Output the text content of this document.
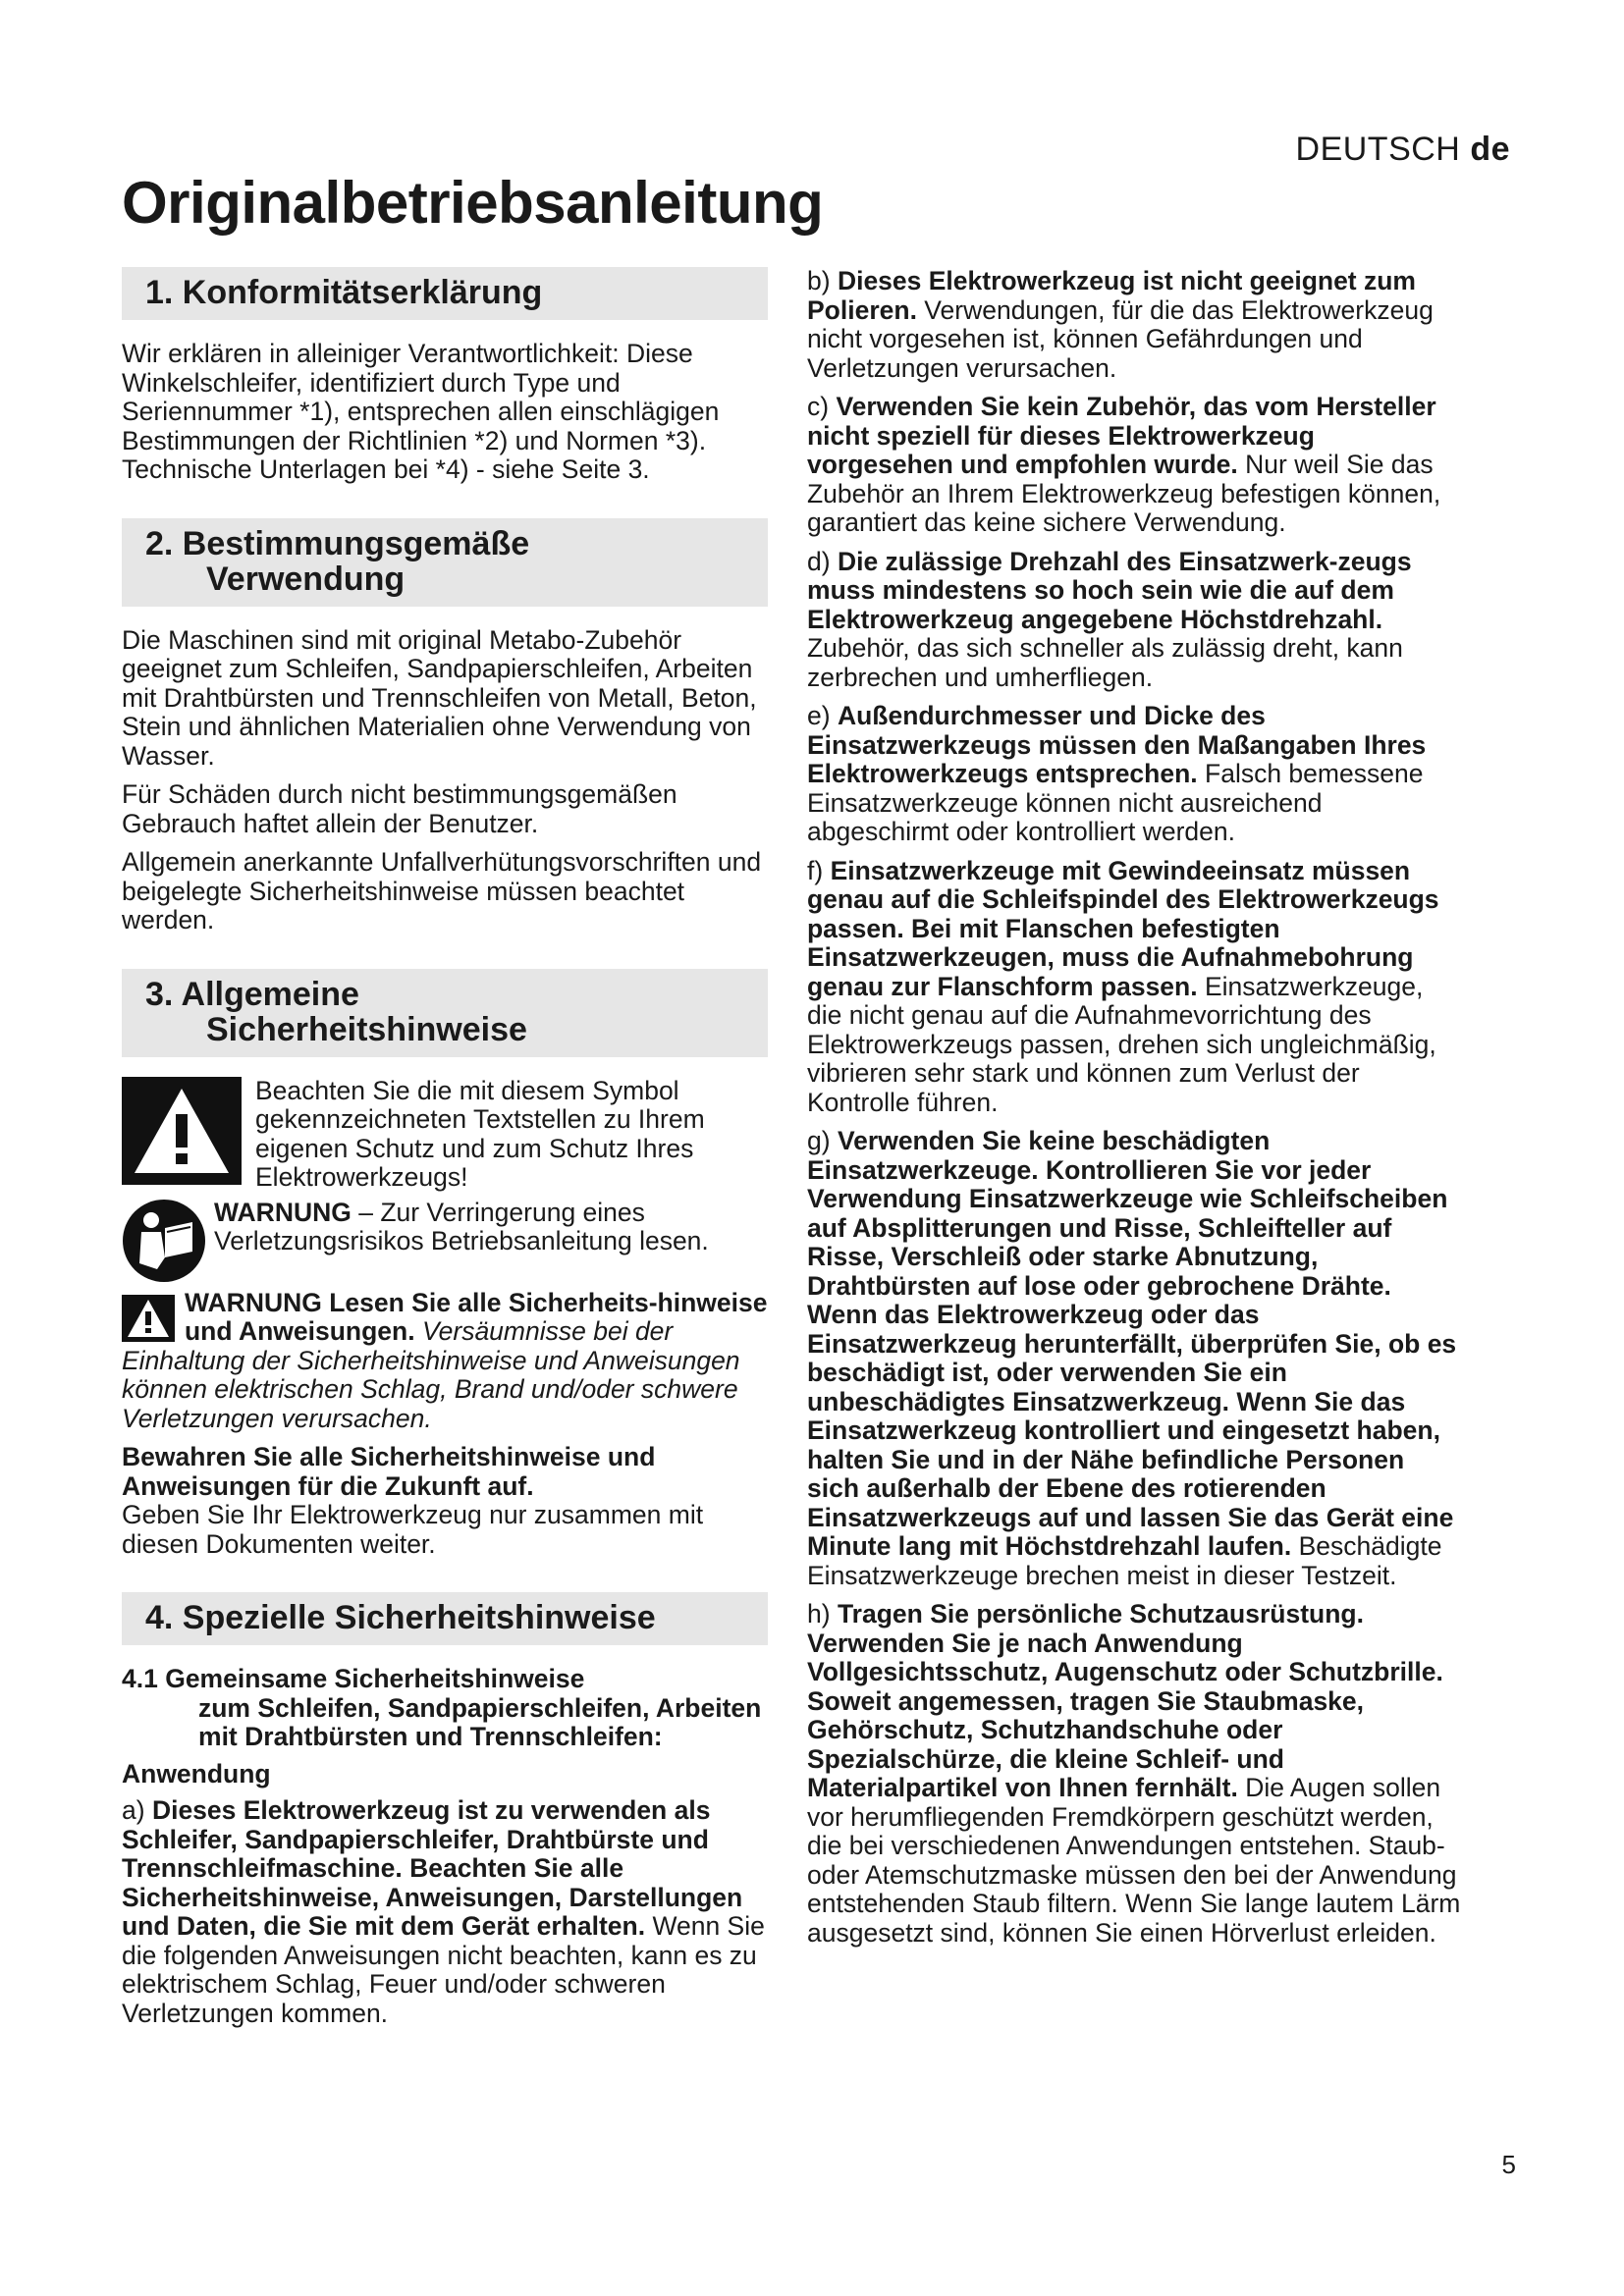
DEUTSCH de
Originalbetriebsanleitung
1. Konformitätserklärung

Wir erklären in alleiniger Verantwortlichkeit: Diese Winkelschleifer, identifiziert durch Type und Seriennummer *1), entsprechen allen einschlägigen Bestimmungen der Richtlinien *2) und Normen *3). Technische Unterlagen bei *4) - siehe Seite 3.

2. Bestimmungsgemäße
Verwendung

Die Maschinen sind mit original Metabo-Zubehör geeignet zum Schleifen, Sandpapierschleifen, Arbeiten mit Drahtbürsten und Trennschleifen von Metall, Beton, Stein und ähnlichen Materialien ohne Verwendung von Wasser.

Für Schäden durch nicht bestimmungsgemäßen Gebrauch haftet allein der Benutzer.

Allgemein anerkannte Unfallverhütungsvorschriften und beigelegte Sicherheitshinweise müssen beachtet werden.

3. Allgemeine
Sicherheitshinweise
Beachten Sie die mit diesem Symbol gekennzeichneten Textstellen zu Ihrem eigenen Schutz und zum Schutz Ihres Elektrowerkzeugs!
WARNUNG – Zur Verringerung eines Verletzungsrisikos Betriebsanleitung lesen.

WARNUNG Lesen Sie alle Sicherheits-hinweise und Anweisungen. Versäumnisse bei der Einhaltung der Sicherheitshinweise und Anweisungen können elektrischen Schlag, Brand und/oder schwere Verletzungen verursachen.

Bewahren Sie alle Sicherheitshinweise und Anweisungen für die Zukunft auf.
Geben Sie Ihr Elektrowerkzeug nur zusammen mit diesen Dokumenten weiter.

4. Spezielle Sicherheitshinweise
4.1 Gemeinsame Sicherheitshinweise
zum Schleifen, Sandpapierschleifen, Arbeiten mit Drahtbürsten und Trennschleifen:

Anwendung

a) Dieses Elektrowerkzeug ist zu verwenden als Schleifer, Sandpapierschleifer, Drahtbürste und Trennschleifmaschine. Beachten Sie alle Sicherheitshinweise, Anweisungen, Darstellungen und Daten, die Sie mit dem Gerät erhalten. Wenn Sie die folgenden Anweisungen nicht beachten, kann es zu elektrischem Schlag, Feuer und/oder schweren Verletzungen kommen.

b) Dieses Elektrowerkzeug ist nicht geeignet zum Polieren. Verwendungen, für die das Elektrowerkzeug nicht vorgesehen ist, können Gefährdungen und Verletzungen verursachen.

c) Verwenden Sie kein Zubehör, das vom Hersteller nicht speziell für dieses Elektrowerkzeug vorgesehen und empfohlen wurde. Nur weil Sie das Zubehör an Ihrem Elektrowerkzeug befestigen können, garantiert das keine sichere Verwendung.

d) Die zulässige Drehzahl des Einsatzwerk-zeugs muss mindestens so hoch sein wie die auf dem Elektrowerkzeug angegebene Höchstdrehzahl. Zubehör, das sich schneller als zulässig dreht, kann zerbrechen und umherfliegen.

e) Außendurchmesser und Dicke des Einsatzwerkzeugs müssen den Maßangaben Ihres Elektrowerkzeugs entsprechen. Falsch bemessene Einsatzwerkzeuge können nicht ausreichend abgeschirmt oder kontrolliert werden.

f) Einsatzwerkzeuge mit Gewindeeinsatz müssen genau auf die Schleifspindel des Elektrowerkzeugs passen. Bei mit Flanschen befestigten Einsatzwerkzeugen, muss die Aufnahmebohrung genau zur Flanschform passen. Einsatzwerkzeuge, die nicht genau auf die Aufnahmevorrichtung des Elektrowerkzeugs passen, drehen sich ungleichmäßig, vibrieren sehr stark und können zum Verlust der Kontrolle führen.

g) Verwenden Sie keine beschädigten Einsatzwerkzeuge. Kontrollieren Sie vor jeder Verwendung Einsatzwerkzeuge wie Schleifscheiben auf Absplitterungen und Risse, Schleifteller auf Risse, Verschleiß oder starke Abnutzung, Drahtbürsten auf lose oder gebrochene Drähte. Wenn das Elektrowerkzeug oder das Einsatzwerkzeug herunterfällt, überprüfen Sie, ob es beschädigt ist, oder verwenden Sie ein unbeschädigtes Einsatzwerkzeug. Wenn Sie das Einsatzwerkzeug kontrolliert und eingesetzt haben, halten Sie und in der Nähe befindliche Personen sich außerhalb der Ebene des rotierenden Einsatzwerkzeugs auf und lassen Sie das Gerät eine Minute lang mit Höchstdrehzahl laufen. Beschädigte Einsatzwerkzeuge brechen meist in dieser Testzeit.

h) Tragen Sie persönliche Schutzausrüstung. Verwenden Sie je nach Anwendung Vollgesichtsschutz, Augenschutz oder Schutzbrille. Soweit angemessen, tragen Sie Staubmaske, Gehörschutz, Schutzhandschuhe oder Spezialschürze, die kleine Schleif- und Materialpartikel von Ihnen fernhält. Die Augen sollen vor herumfliegenden Fremdkörpern geschützt werden, die bei verschiedenen Anwendungen entstehen. Staub- oder Atemschutzmaske müssen den bei der Anwendung entstehenden Staub filtern. Wenn Sie lange lautem Lärm ausgesetzt sind, können Sie einen Hörverlust erleiden.

5
